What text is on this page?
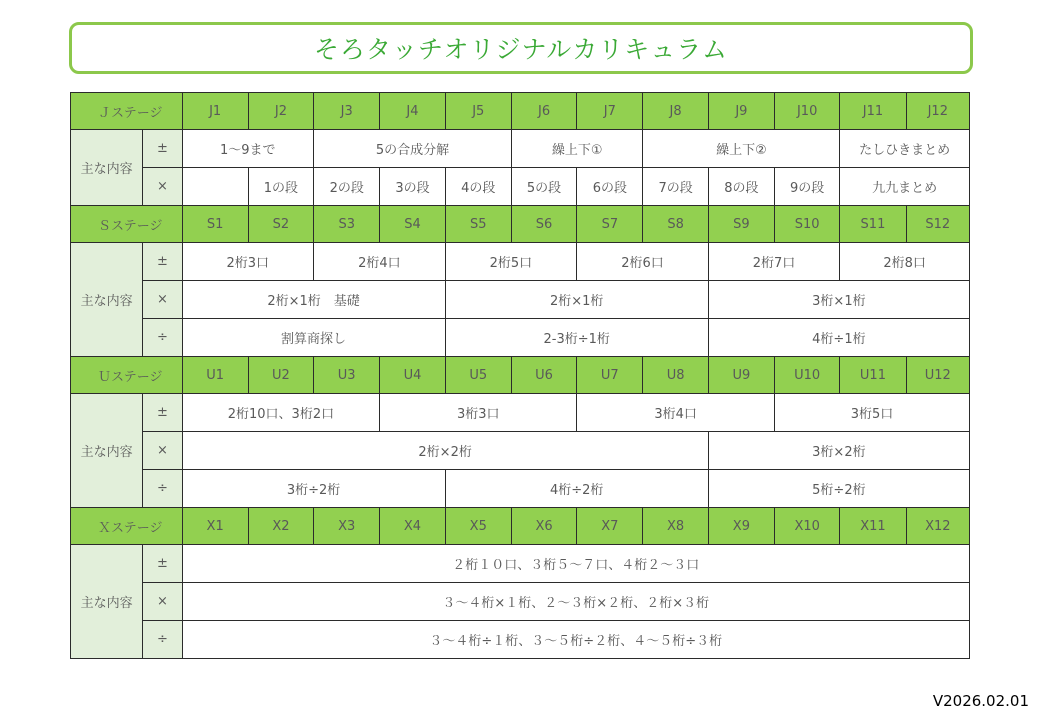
そろタッチオリジナルカリキュラム
Ｊステージ		J1	J2	J3	J4	J5	J6	J7	J8	J9	J10	J11	J12
主な内容	±	1～9まで		5の合成分解			繰上下①		繰上下②			たしひきまとめ	
	×		1の段	2の段	3の段	4の段	5の段	6の段	7の段	8の段	9の段	九九まとめ	
Ｓステージ		S1	S2	S3	S4	S5	S6	S7	S8	S9	S10	S11	S12
主な内容	±	2桁3口		2桁4口		2桁5口		2桁6口		2桁7口		2桁8口	
	×	2桁×1桁　基礎				2桁×1桁				3桁×1桁			
	÷	割算商探し				2-3桁÷1桁				4桁÷1桁			
Ｕステージ		U1	U2	U3	U4	U5	U6	U7	U8	U9	U10	U11	U12
主な内容	±	2桁10口、3桁2口			3桁3口			3桁4口			3桁5口		
	×	2桁×2桁								3桁×2桁			
	÷	3桁÷2桁				4桁÷2桁				5桁÷2桁			
Ｘステージ		X1	X2	X3	X4	X5	X6	X7	X8	X9	X10	X11	X12
主な内容	±	２桁１０口、３桁５～７口、４桁２～３口											
	×	３～４桁×１桁、２～３桁×２桁、２桁×３桁											
	÷	３～４桁÷１桁、３～５桁÷２桁、４～５桁÷３桁											
V2026.02.01
